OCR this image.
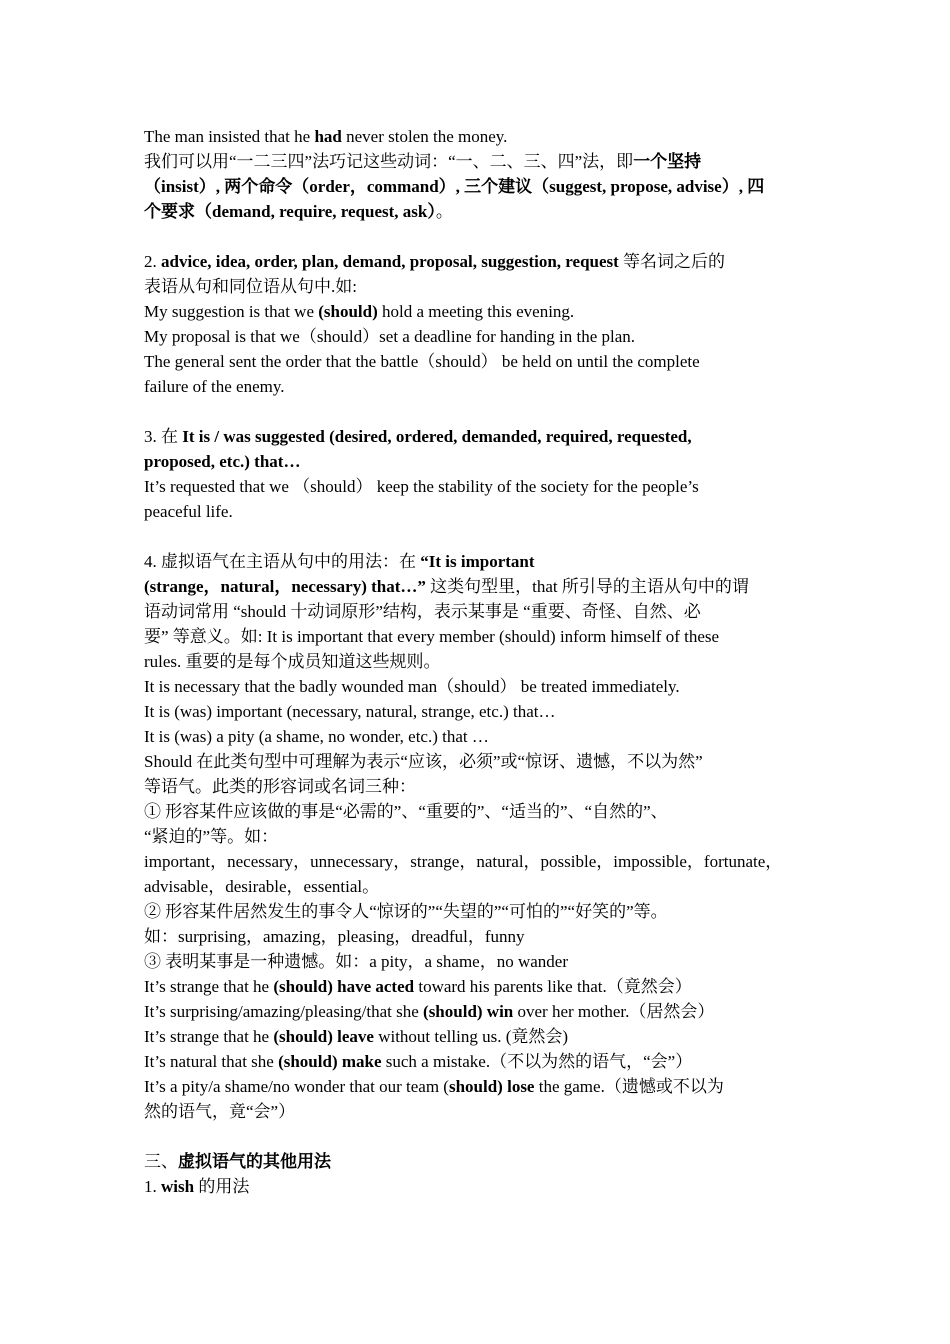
The man insisted that he had never stolen the money.
我们可以用“一二三四”法巧记这些动词：“一、二、三、四”法，即一个坚持
（insist）, 两个命令（order，command）, 三个建议（suggest, propose, advise）, 四
个要求（demand, require, request, ask）。
2. advice, idea, order, plan, demand, proposal, suggestion, request 等名词之后的
表语从句和同位语从句中.如:
My suggestion is that we (should) hold a meeting this evening.
My proposal is that we（should）set a deadline for handing in the plan.
The general sent the order that the battle（should） be held on until the complete
failure of the enemy.
3. 在 It is / was suggested (desired, ordered, demanded, required, requested,
proposed, etc.) that…
It’s requested that we （should） keep the stability of the society for the people’s
peaceful life.
4. 虚拟语气在主语从句中的用法：在 “It is important
(strange，natural，necessary) that…” 这类句型里，that 所引导的主语从句中的谓
语动词常用 “should 十动词原形”结构，表示某事是 “重要、奇怪、自然、必
要” 等意义。如: It is important that every member (should) inform himself of these
rules. 重要的是每个成员知道这些规则。
It is necessary that the badly wounded man（should） be treated immediately.
It is (was) important (necessary, natural, strange, etc.) that…
It is (was) a pity (a shame, no wonder, etc.) that …
Should 在此类句型中可理解为表示“应该，必须”或“惊讶、遗憾，不以为然”
等语气。此类的形容词或名词三种：
① 形容某件应该做的事是“必需的”、“重要的”、“适当的”、“自然的”、
“紧迫的”等。如：
important，necessary，unnecessary，strange，natural，possible，impossible，fortunate，
advisable，desirable，essential。
② 形容某件居然发生的事令人“惊讶的”“失望的”“可怕的”“好笑的”等。
如：surprising，amazing，pleasing，dreadful，funny
③ 表明某事是一种遗憾。如：a pity，a shame，no wander
It’s strange that he (should) have acted toward his parents like that.（竟然会）
It’s surprising/amazing/pleasing/that she (should) win over her mother.（居然会）
It’s strange that he (should) leave without telling us. (竟然会)
It’s natural that she (should) make such a mistake.（不以为然的语气，“会”）
It’s a pity/a shame/no wonder that our team (should) lose the game.（遗憾或不以为
然的语气，竟“会”）
三、虚拟语气的其他用法
1. wish 的用法
